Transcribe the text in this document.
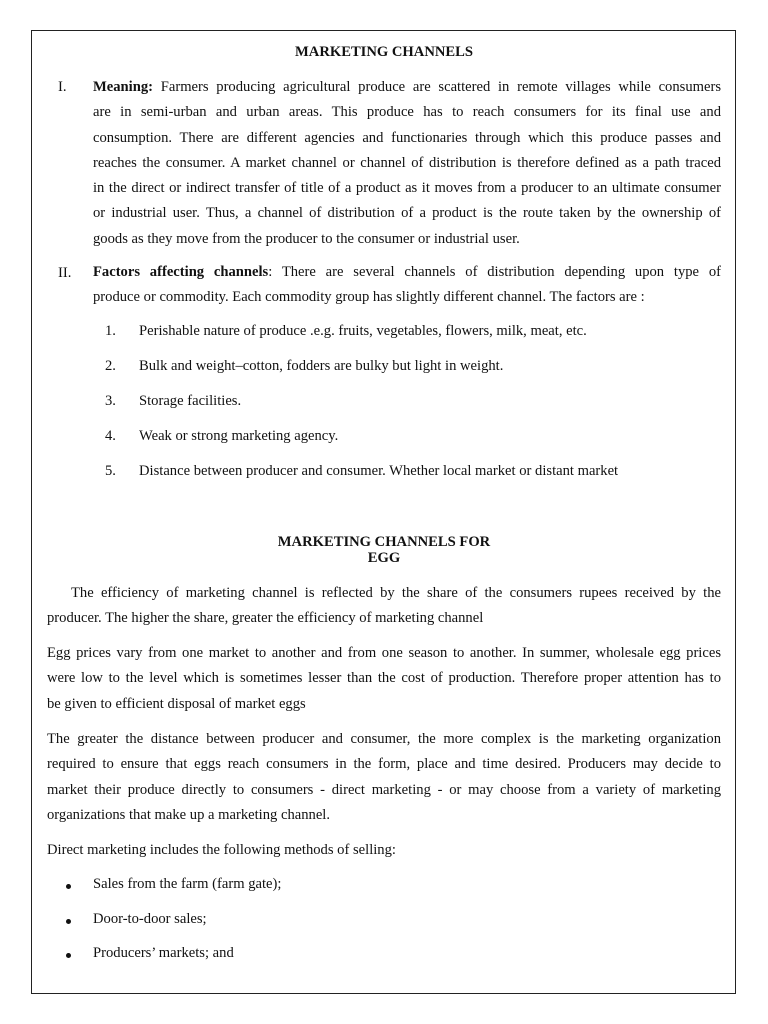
MARKETING CHANNELS
I. Meaning: Farmers producing agricultural produce are scattered in remote villages while consumers
are in semi-urban and urban areas. This produce has to reach consumers for its final use and
consumption. There are different agencies and functionaries through which this produce passes and
reaches the consumer. A market channel or channel of distribution is therefore defined as a path traced
in the direct or indirect transfer of title of a product as it moves from a producer to an ultimate consumer
or industrial user. Thus, a channel of distribution of a product is the route taken by the ownership of
goods as they move from the producer to the consumer or industrial user.
II. Factors affecting channels: There are several channels of distribution depending upon type of
produce or commodity. Each commodity group has slightly different channel. The factors are :
1. Perishable nature of produce .e.g. fruits, vegetables, flowers, milk, meat, etc.
2. Bulk and weight–cotton, fodders are bulky but light in weight.
3. Storage facilities.
4. Weak or strong marketing agency.
5. Distance between producer and consumer. Whether local market or distant market
MARKETING CHANNELS FOR
EGG
The efficiency of marketing channel is reflected by the share of the consumers rupees received by the
producer. The higher the share, greater the efficiency of marketing channel
Egg prices vary from one market to another and from one season to another. In summer, wholesale egg prices
were low to the level which is sometimes lesser than the cost of production. Therefore proper attention has to
be given to efficient disposal of market eggs
The greater the distance between producer and consumer, the more complex is the marketing organization
required to ensure that eggs reach consumers in the form, place and time desired. Producers may decide to
market their produce directly to consumers - direct marketing - or may choose from a variety of marketing
organizations that make up a marketing channel.
Direct marketing includes the following methods of selling:
Sales from the farm (farm gate);
Door-to-door sales;
Producers’ markets; and
